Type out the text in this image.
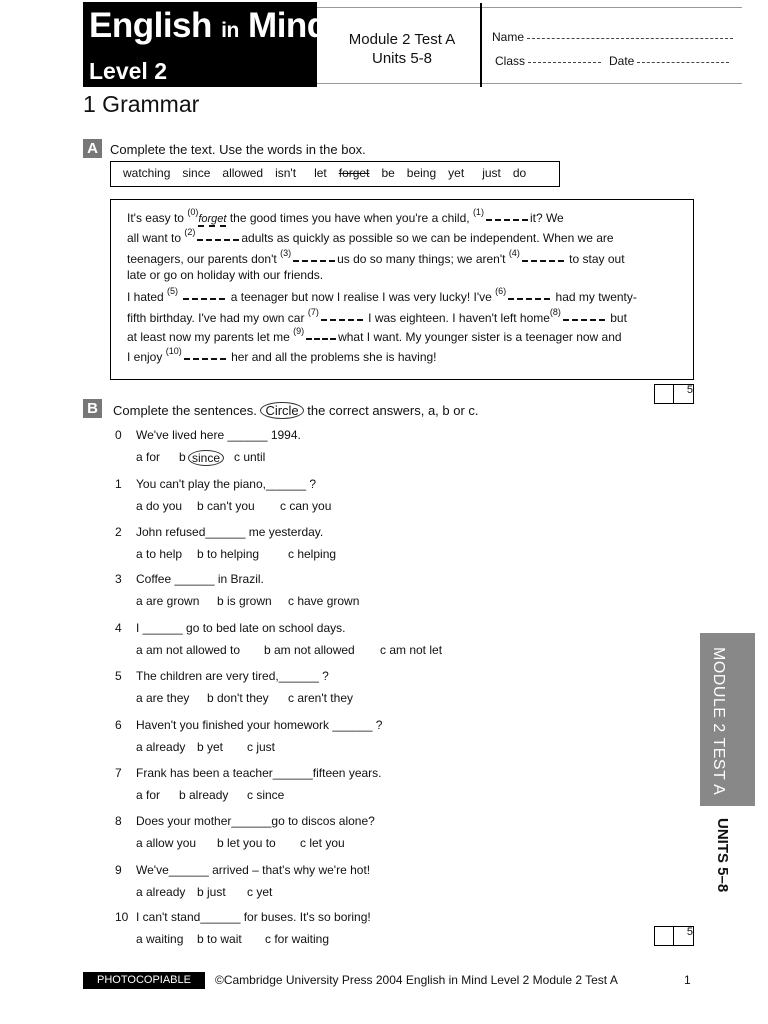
English in Mind
Level 2
Module 2 Test A
Units 5-8
Name
Class	Date
1 Grammar
A Complete the text. Use the words in the box.
watching since allowed isn't let forget be being yet just do
It's easy to $^{(0)}$forget the good times you have when you're a child, $^{(1)}$	it? We
all want to $^{(2)}$	adults as quickly as possible so we can be independent. When we are
teenagers, our parents don't $^{(3)}$	us do so many things; we aren't $^{(4)}$	to stay out
late or go on holiday with our friends.
I hated $^{(5)}$	a teenager but now I realise I was very lucky! I've $^{(6)}$	had my twenty-
fifth birthday. I've had my own car $^{(7)}$	I was eighteen. I haven't left home$^{(8)}$	but
at least now my parents let me $^{(9)}$	what I want. My younger sister is a teenager now and
I enjoy $^{(10)}$	her and all the problems she is having!
5
B	Complete the sentences. Circle the correct answers, a, b or c.
0 We've lived here ______ 1994.
a for b since	c until
1 You can't play the piano,______ ?
a do you b can't you c can you
2 John refused______ me yesterday.
a to help b to helping c helping
3 Coffee ______ in Brazil.
a are grown b is grown c have grown
4 I ______ go to bed late on school days.
a am not allowed to b am not allowed c am not let
5 The children are very tired,______ ?
a are they b don't they c aren't they
6 Haven't you finished your homework ______ ?
a already b yet c just
7 Frank has been a teacher______fifteen years.
a for b already c since
8 Does your mother______go to discos alone?
a allow you b let you to c let you
9 We've______ arrived – that's why we're hot!
a already b just c yet
10 I can't stand______ for buses. It's so boring!
a waiting b to wait c for waiting	5
MODULE 2 TEST A
UNITS 5–8
PHOTOCOPIABLE	©Cambridge University Press 2004 English in Mind Level 2 Module 2 Test A	1
